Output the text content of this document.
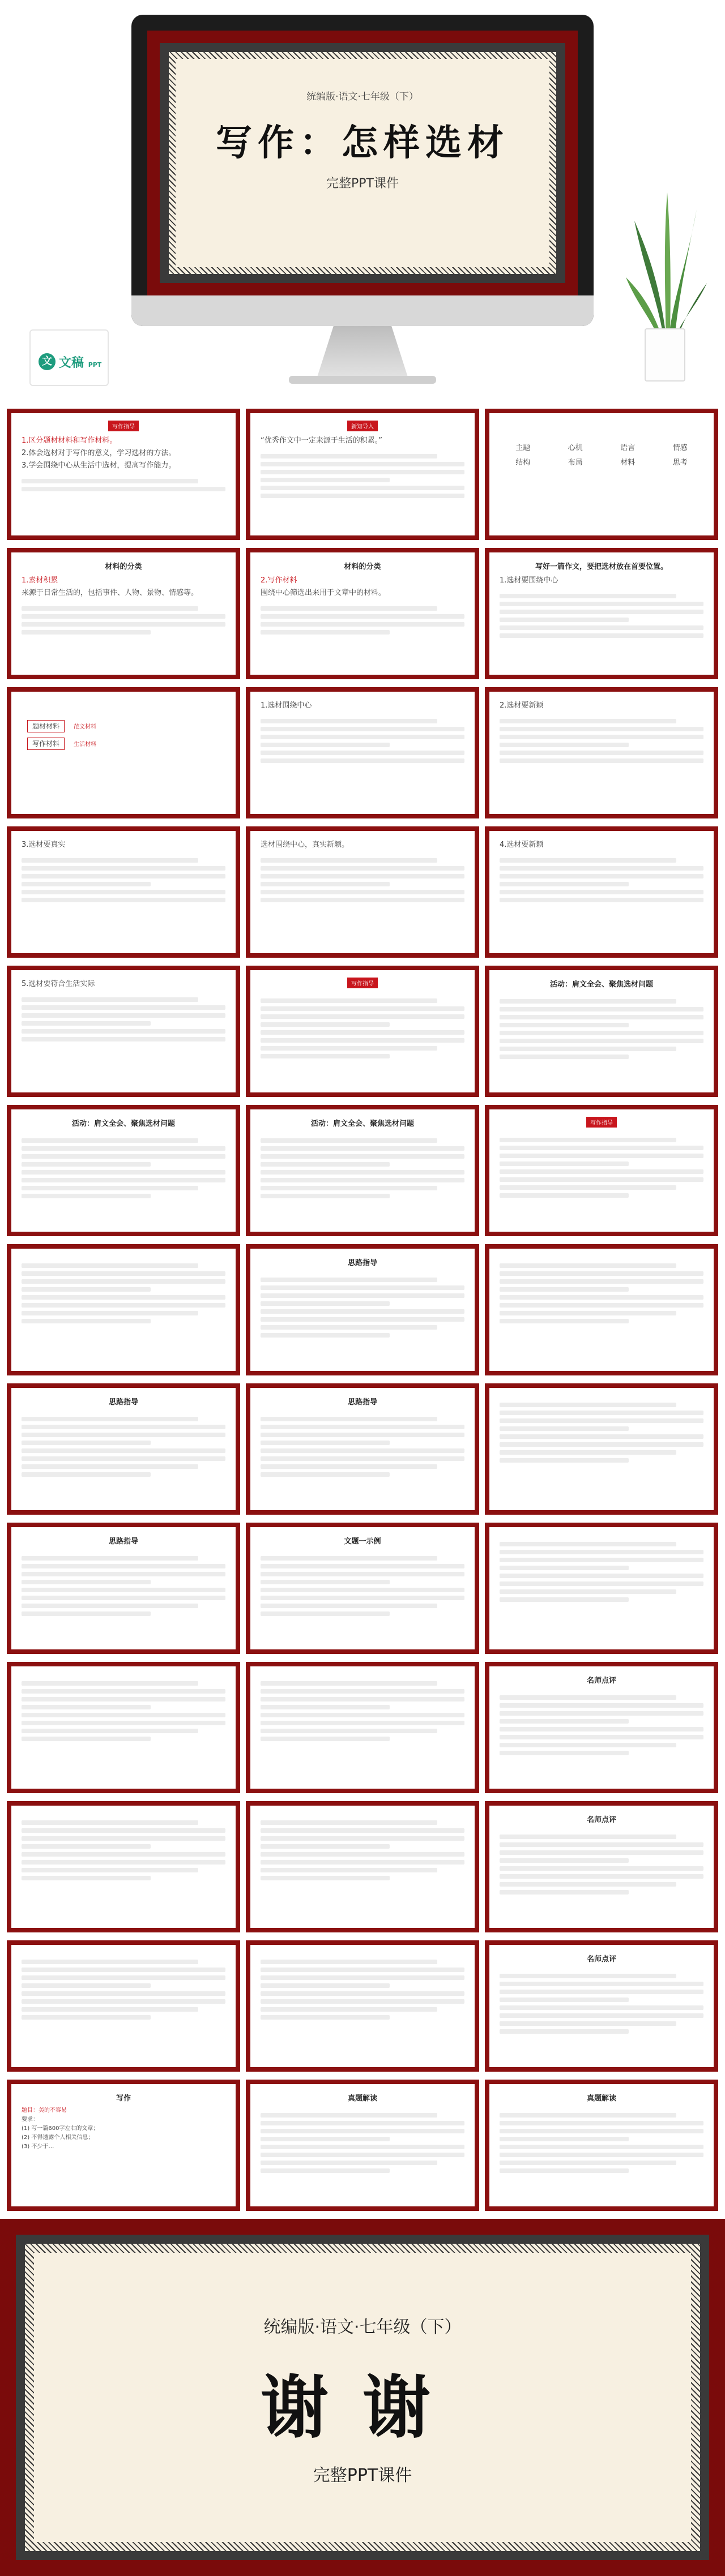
统编版·语文·七年级（下）
写作：怎样选材
完整PPT课件
文 文稿 PPT
写作指导
1.区分题材材料和写作材料。
2.体会选材对于写作的意义，学习选材的方法。
3.学会围绕中心从生活中选材，提高写作能力。
新知导入
“优秀作文中一定来源于生活的积累。”
主题	心机	语言	情感
结构	布局	材料	思考
材料的分类
1.素材积累
来源于日常生活的，包括事件、人物、景物、情感等。
材料的分类
2.写作材料
围绕中心筛选出来用于文章中的材料。
写好一篇作文，要把选材放在首要位置。
1.选材要围绕中心
题材材料	范文材料
写作材料	生活材料
1.选材围绕中心	2.选材要新颖
3.选材要真实	选材围绕中心，真实新颖。	4.选材要新颖
5.选材要符合生活实际	写作指导	活动：肩文全会、聚焦选材问题
活动：肩文全会、聚焦选材问题	活动：肩文全会、聚焦选材问题	写作指导
思路指导
思路指导	思路指导
思路指导	文题一示例
名师点评
名师点评
名师点评
写作
题目：美的不容易
要求：
(1) 写一篇600字左右的文章；
(2) 不得透露个人相关信息；
(3) 不少于…
真题解读	真题解读
统编版·语文·七年级（下）
谢谢
完整PPT课件
